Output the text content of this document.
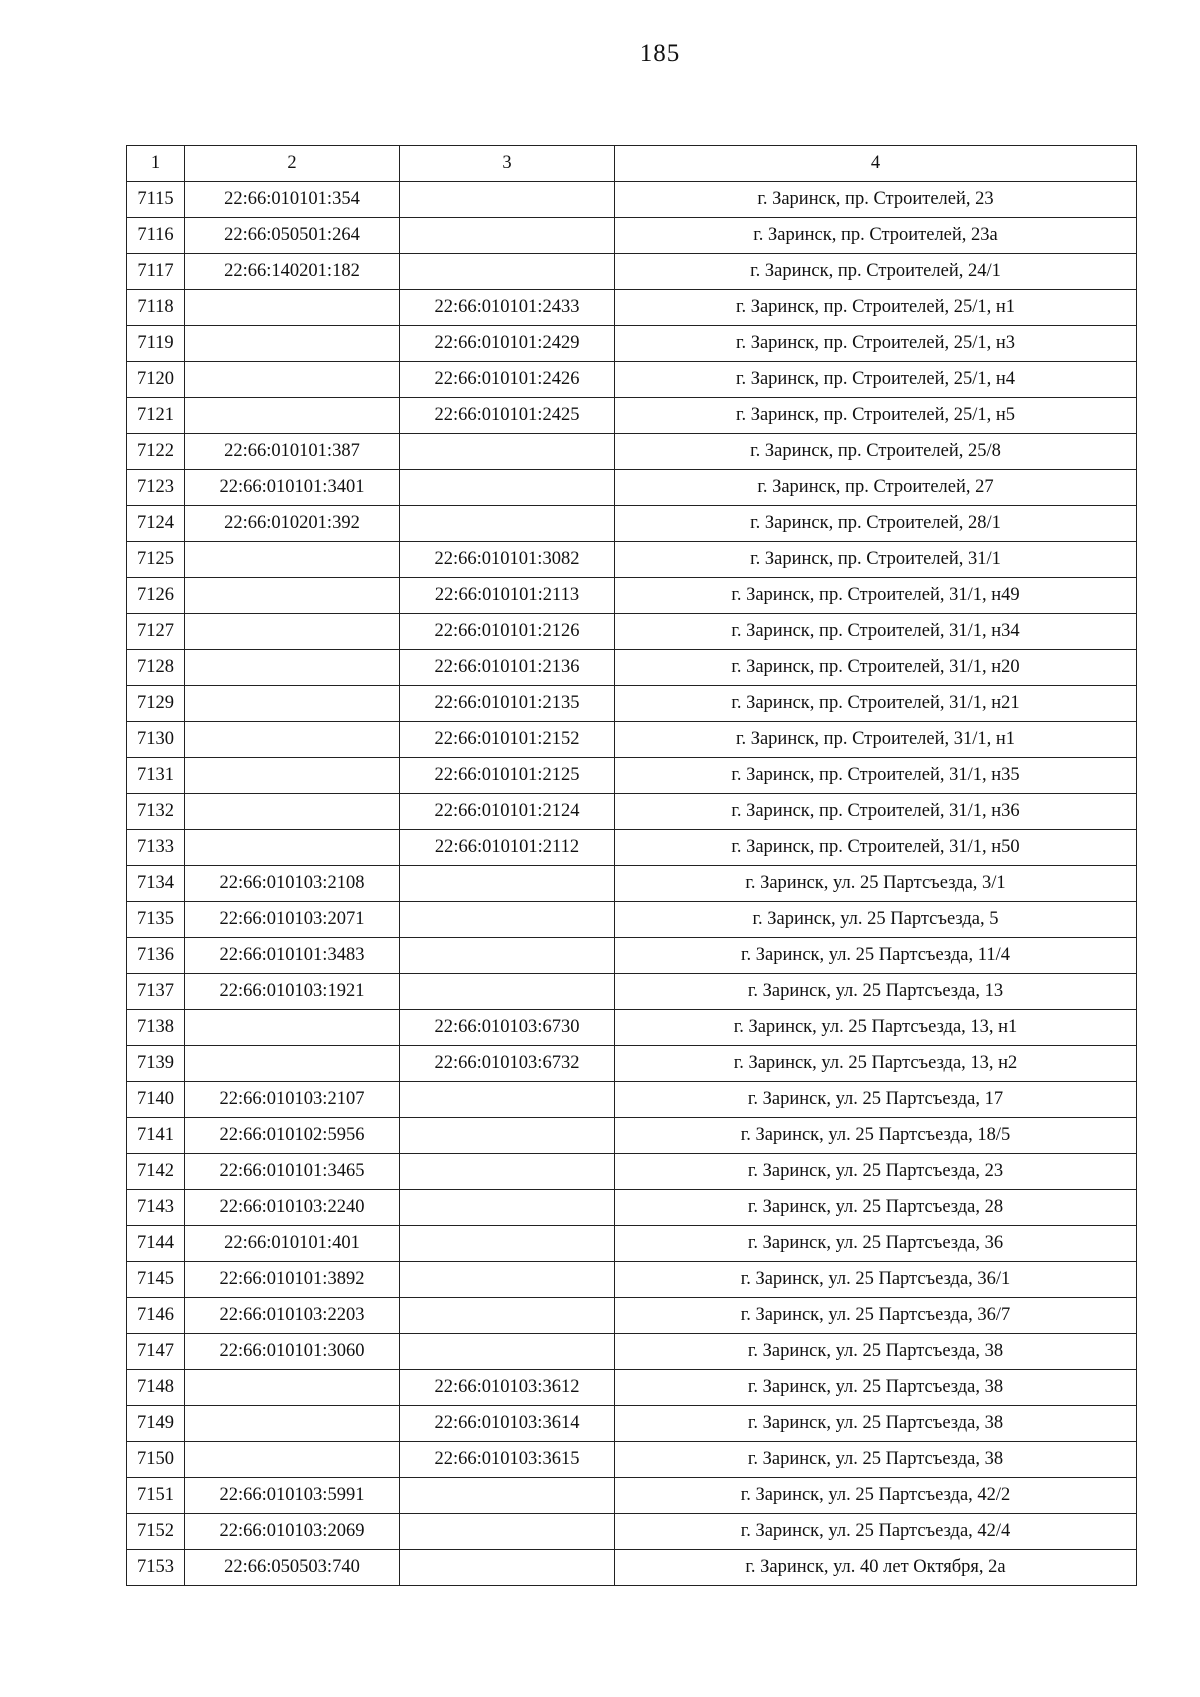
185
1	2	3	4
7115	22:66:010101:354		г. Заринск, пр. Строителей, 23
7116	22:66:050501:264		г. Заринск, пр. Строителей, 23а
7117	22:66:140201:182		г. Заринск, пр. Строителей, 24/1
7118		22:66:010101:2433	г. Заринск, пр. Строителей, 25/1, н1
7119		22:66:010101:2429	г. Заринск, пр. Строителей, 25/1, н3
7120		22:66:010101:2426	г. Заринск, пр. Строителей, 25/1, н4
7121		22:66:010101:2425	г. Заринск, пр. Строителей, 25/1, н5
7122	22:66:010101:387		г. Заринск, пр. Строителей, 25/8
7123	22:66:010101:3401		г. Заринск, пр. Строителей, 27
7124	22:66:010201:392		г. Заринск, пр. Строителей, 28/1
7125		22:66:010101:3082	г. Заринск, пр. Строителей, 31/1
7126		22:66:010101:2113	г. Заринск, пр. Строителей, 31/1, н49
7127		22:66:010101:2126	г. Заринск, пр. Строителей, 31/1, н34
7128		22:66:010101:2136	г. Заринск, пр. Строителей, 31/1, н20
7129		22:66:010101:2135	г. Заринск, пр. Строителей, 31/1, н21
7130		22:66:010101:2152	г. Заринск, пр. Строителей, 31/1, н1
7131		22:66:010101:2125	г. Заринск, пр. Строителей, 31/1, н35
7132		22:66:010101:2124	г. Заринск, пр. Строителей, 31/1, н36
7133		22:66:010101:2112	г. Заринск, пр. Строителей, 31/1, н50
7134	22:66:010103:2108		г. Заринск, ул. 25 Партсъезда, 3/1
7135	22:66:010103:2071		г. Заринск, ул. 25 Партсъезда, 5
7136	22:66:010101:3483		г. Заринск, ул. 25 Партсъезда, 11/4
7137	22:66:010103:1921		г. Заринск, ул. 25 Партсъезда, 13
7138		22:66:010103:6730	г. Заринск, ул. 25 Партсъезда, 13, н1
7139		22:66:010103:6732	г. Заринск, ул. 25 Партсъезда, 13, н2
7140	22:66:010103:2107		г. Заринск, ул. 25 Партсъезда, 17
7141	22:66:010102:5956		г. Заринск, ул. 25 Партсъезда, 18/5
7142	22:66:010101:3465		г. Заринск, ул. 25 Партсъезда, 23
7143	22:66:010103:2240		г. Заринск, ул. 25 Партсъезда, 28
7144	22:66:010101:401		г. Заринск, ул. 25 Партсъезда, 36
7145	22:66:010101:3892		г. Заринск, ул. 25 Партсъезда, 36/1
7146	22:66:010103:2203		г. Заринск, ул. 25 Партсъезда, 36/7
7147	22:66:010101:3060		г. Заринск, ул. 25 Партсъезда, 38
7148		22:66:010103:3612	г. Заринск, ул. 25 Партсъезда, 38
7149		22:66:010103:3614	г. Заринск, ул. 25 Партсъезда, 38
7150		22:66:010103:3615	г. Заринск, ул. 25 Партсъезда, 38
7151	22:66:010103:5991		г. Заринск, ул. 25 Партсъезда, 42/2
7152	22:66:010103:2069		г. Заринск, ул. 25 Партсъезда, 42/4
7153	22:66:050503:740		г. Заринск, ул. 40 лет Октября, 2а
